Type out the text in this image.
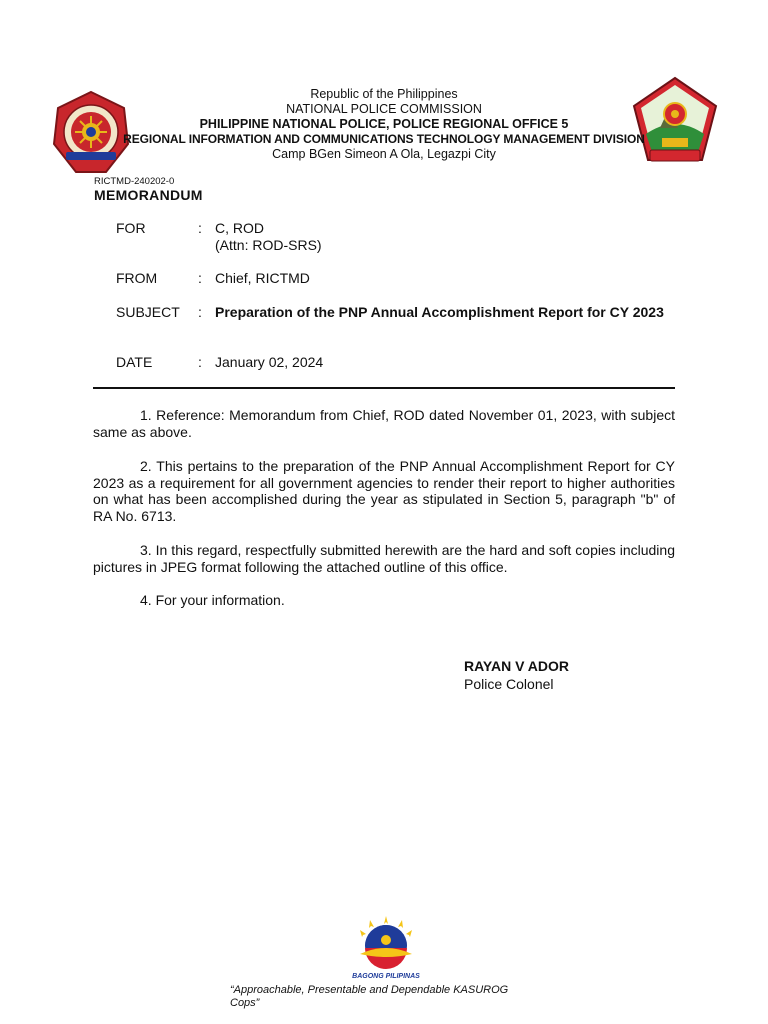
Republic of the Philippines
NATIONAL POLICE COMMISSION
PHILIPPINE NATIONAL POLICE, POLICE REGIONAL OFFICE 5
REGIONAL INFORMATION AND COMMUNICATIONS TECHNOLOGY MANAGEMENT DIVISION
Camp BGen Simeon A Ola, Legazpi City
RICTMD-240202-0
MEMORANDUM
FOR	: C, ROD
(Attn: ROD-SRS)
FROM	: Chief, RICTMD
SUBJECT : Preparation of the PNP Annual Accomplishment Report for CY 2023
DATE	: January 02, 2024
1. Reference: Memorandum from Chief, ROD dated November 01, 2023, with subject same as above.
2. This pertains to the preparation of the PNP Annual Accomplishment Report for CY 2023 as a requirement for all government agencies to render their report to higher authorities on what has been accomplished during the year as stipulated in Section 5, paragraph "b" of RA No. 6713.
3. In this regard, respectfully submitted herewith are the hard and soft copies including pictures in JPEG format following the attached outline of this office.
4. For your information.
RAYAN V ADOR
Police Colonel
BAGONG PILIPINAS
“Approachable, Presentable and Dependable KASUROG Cops”
